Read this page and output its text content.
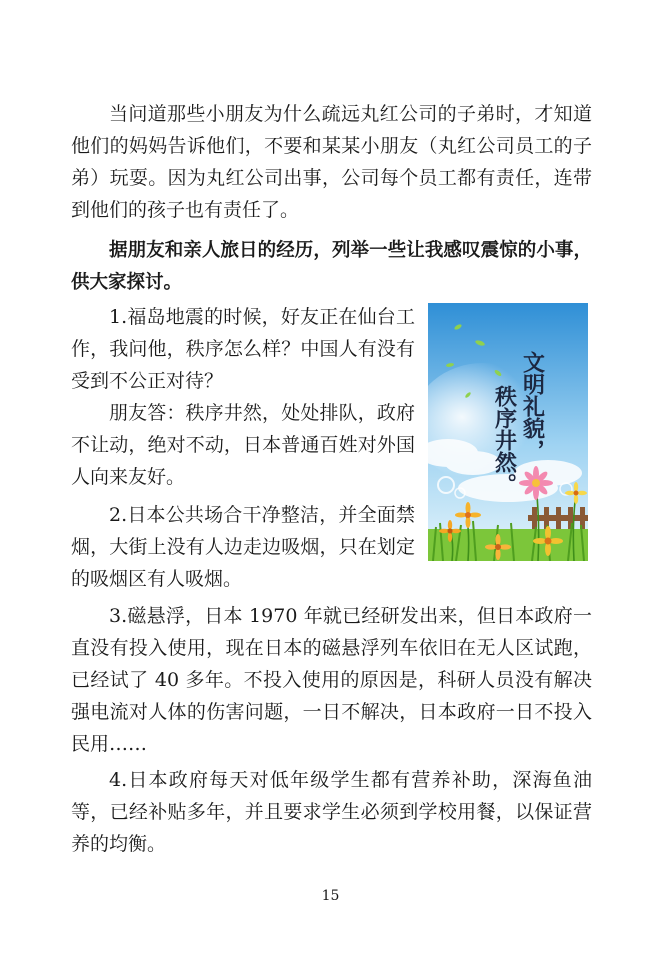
当问道那些小朋友为什么疏远丸红公司的子弟时，才知道他们的妈妈告诉他们，不要和某某小朋友（丸红公司员工的子弟）玩耍。因为丸红公司出事，公司每个员工都有责任，连带到他们的孩子也有责任了。

据朋友和亲人旅日的经历，列举一些让我感叹震惊的小事，供大家探讨。

1.福岛地震的时候，好友正在仙台工作，我问他，秩序怎么样？中国人有没有受到不公正对待？

朋友答：秩序井然，处处排队，政府不让动，绝对不动，日本普通百姓对外国人向来友好。

2.日本公共场合干净整洁，并全面禁烟，大街上没有人边走边吸烟，只在划定的吸烟区有人吸烟。

3.磁悬浮，日本 1970 年就已经研发出来，但日本政府一直没有投入使用，现在日本的磁悬浮列车依旧在无人区试跑，已经试了 40 多年。不投入使用的原因是，科研人员没有解决强电流对人体的伤害问题，一日不解决，日本政府一日不投入民用……

4.日本政府每天对低年级学生都有营养补助，深海鱼油等，已经补贴多年，并且要求学生必须到学校用餐，以保证营养的均衡。

文明礼貌，
秩序井然。
15
